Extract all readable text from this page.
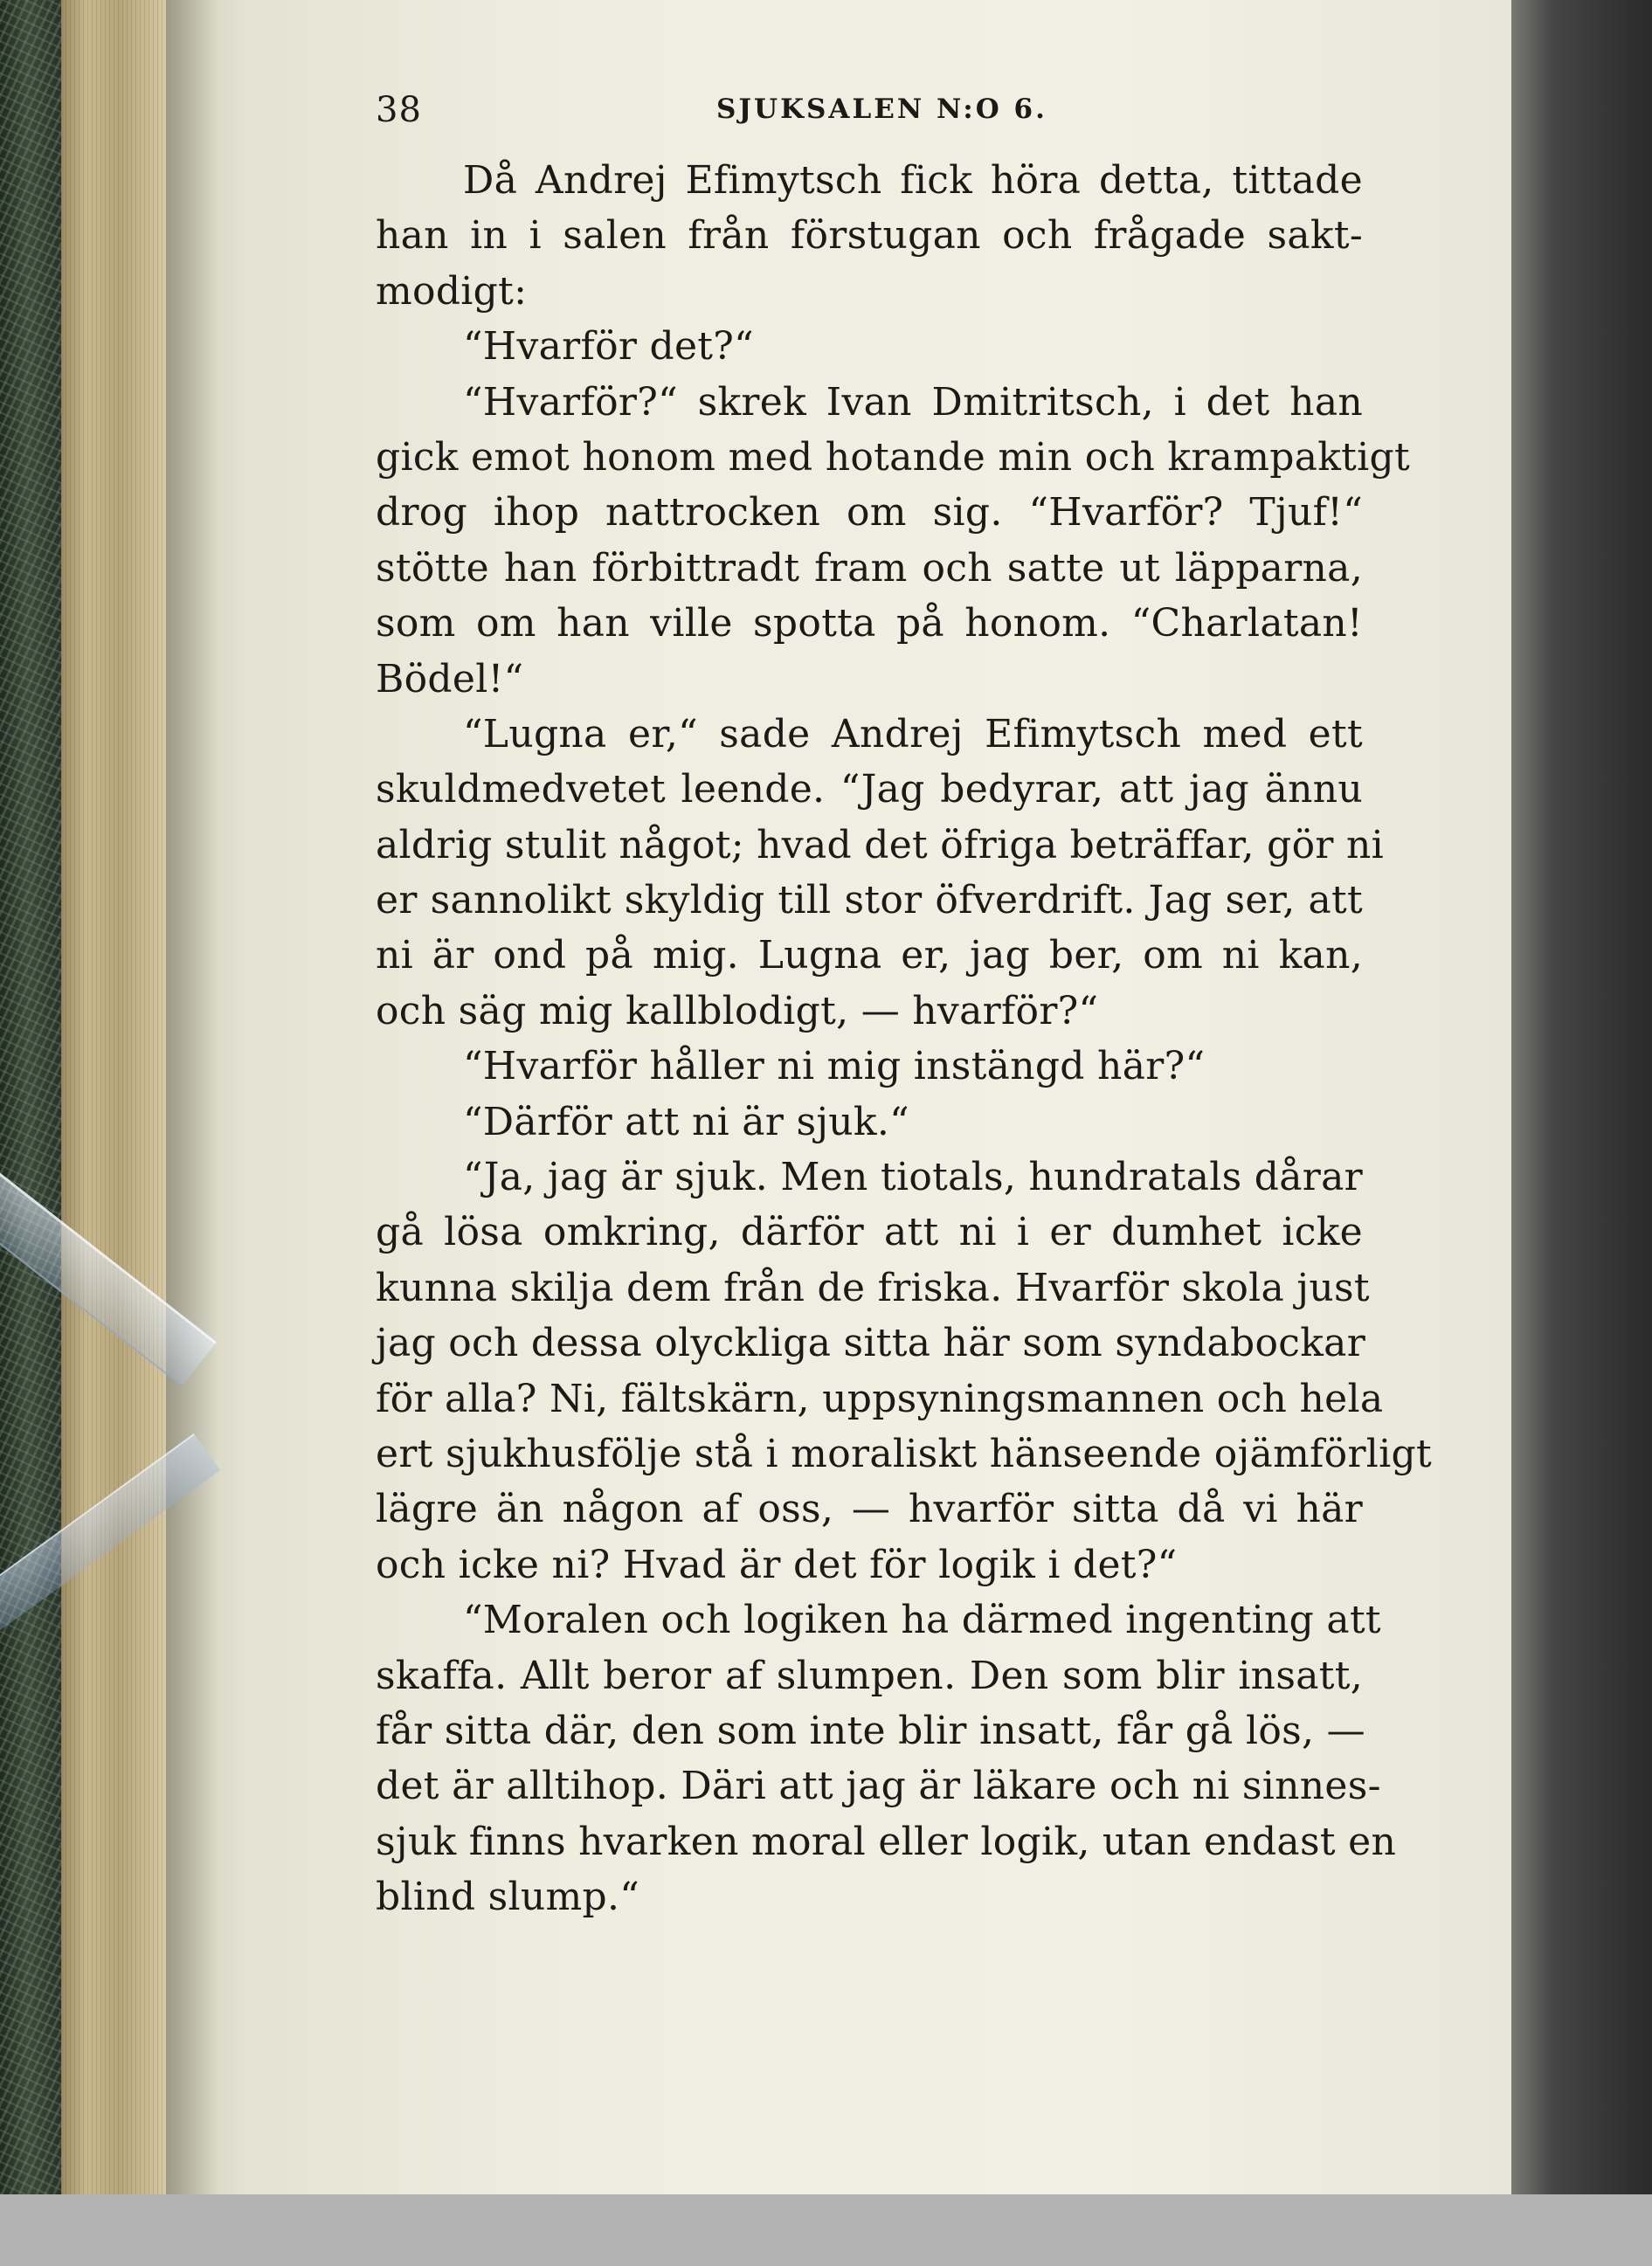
38	SJUKSALEN N:O 6.
Då Andrej Efimytsch fick höra detta, tittade
han in i salen från förstugan och frågade sakt-
modigt:
“Hvarför det?“
“Hvarför?“ skrek Ivan Dmitritsch, i det han
gick emot honom med hotande min och krampaktigt
drog ihop nattrocken om sig. “Hvarför? Tjuf!“
stötte han förbittradt fram och satte ut läpparna,
som om han ville spotta på honom. “Charlatan!
Bödel!“
“Lugna er,“ sade Andrej Efimytsch med ett
skuldmedvetet leende. “Jag bedyrar, att jag ännu
aldrig stulit något; hvad det öfriga beträffar, gör ni
er sannolikt skyldig till stor öfverdrift. Jag ser, att
ni är ond på mig. Lugna er, jag ber, om ni kan,
och säg mig kallblodigt, — hvarför?“
“Hvarför håller ni mig instängd här?“
“Därför att ni är sjuk.“
“Ja, jag är sjuk. Men tiotals, hundratals dårar
gå lösa omkring, därför att ni i er dumhet icke
kunna skilja dem från de friska. Hvarför skola just
jag och dessa olyckliga sitta här som syndabockar
för alla? Ni, fältskärn, uppsyningsmannen och hela
ert sjukhusfölje stå i moraliskt hänseende ojämförligt
lägre än någon af oss, — hvarför sitta då vi här
och icke ni? Hvad är det för logik i det?“
“Moralen och logiken ha därmed ingenting att
skaffa. Allt beror af slumpen. Den som blir insatt,
får sitta där, den som inte blir insatt, får gå lös, —
det är alltihop. Däri att jag är läkare och ni sinnes-
sjuk finns hvarken moral eller logik, utan endast en
blind slump.“
